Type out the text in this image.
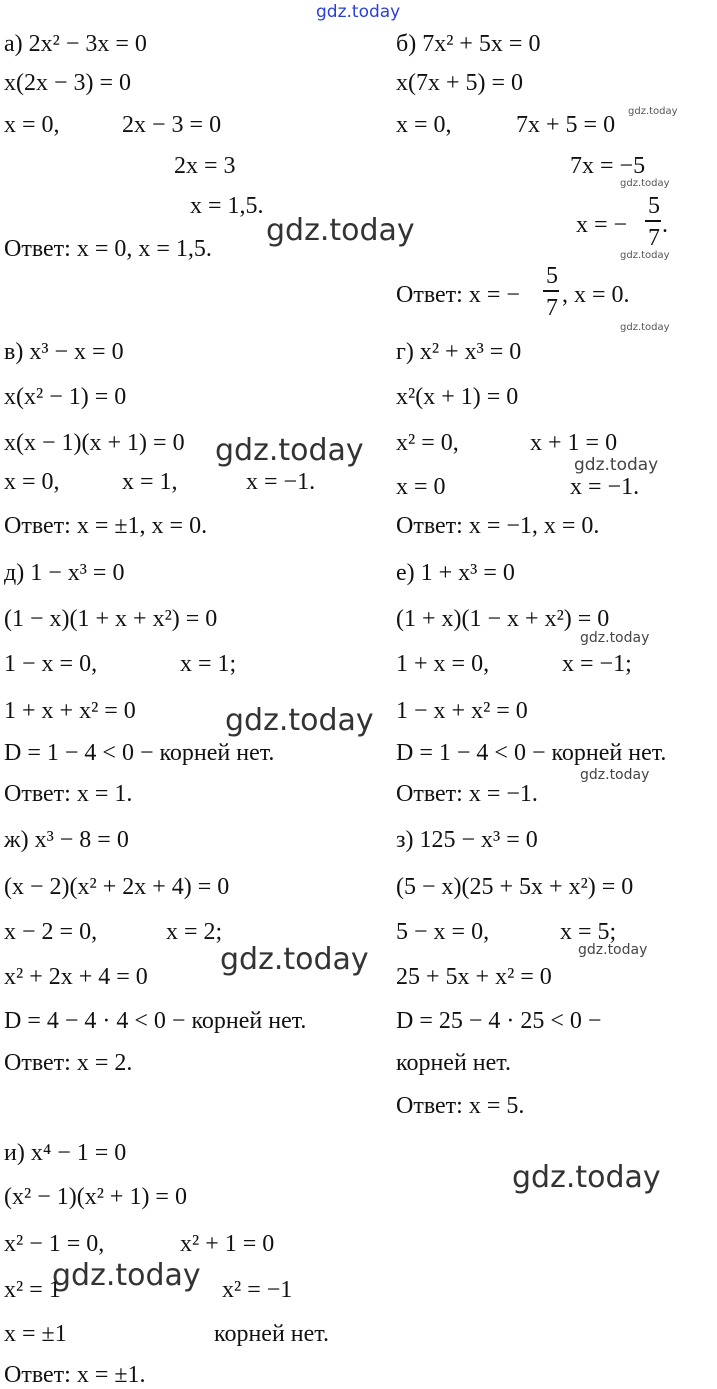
gdz.today
gdz.today
gdz.today
gdz.today
gdz.today
gdz.today
gdz.today
gdz.today
gdz.today
gdz.today
gdz.today
gdz.today
gdz.today
gdz.today
gdz.today
а) 2x² − 3x = 0	б) 7x² + 5x = 0
x(2x − 3) = 0	x(7x + 5) = 0
x = 0,	2x − 3 = 0	x = 0,	7x + 5 = 0
2x = 3	7x = −5
x = 1,5.
x = −
5
7 .
Ответ: x = 0, x = 1,5.
Ответ: x = −
5
7 , x = 0.
в) x³ − x = 0	г) x² + x³ = 0
x(x² − 1) = 0	x²(x + 1) = 0
x(x − 1)(x + 1) = 0	x² = 0,	x + 1 = 0
x = 0,	x = 1,	x = −1.	x = 0	x = −1.
Ответ: x = ±1, x = 0.	Ответ: x = −1, x = 0.
д) 1 − x³ = 0	е) 1 + x³ = 0
(1 − x)(1 + x + x²) = 0	(1 + x)(1 − x + x²) = 0
1 − x = 0,	x = 1;	1 + x = 0,	x = −1;
1 + x + x² = 0	1 − x + x² = 0
D = 1 − 4 < 0 − корней нет.	D = 1 − 4 < 0 − корней нет.
Ответ: x = 1.	Ответ: x = −1.
ж) x³ − 8 = 0	з) 125 − x³ = 0
(x − 2)(x² + 2x + 4) = 0	(5 − x)(25 + 5x + x²) = 0
x − 2 = 0,	x = 2;	5 − x = 0,	x = 5;
x² + 2x + 4 = 0	25 + 5x + x² = 0
D = 4 − 4 · 4 < 0 − корней нет.	D = 25 − 4 · 25 < 0 −
Ответ: x = 2.	корней нет.
Ответ: x = 5.
и) x⁴ − 1 = 0
(x² − 1)(x² + 1) = 0
x² − 1 = 0,	x² + 1 = 0
x² = 1	x² = −1
x = ±1	корней нет.
Ответ: x = ±1.
